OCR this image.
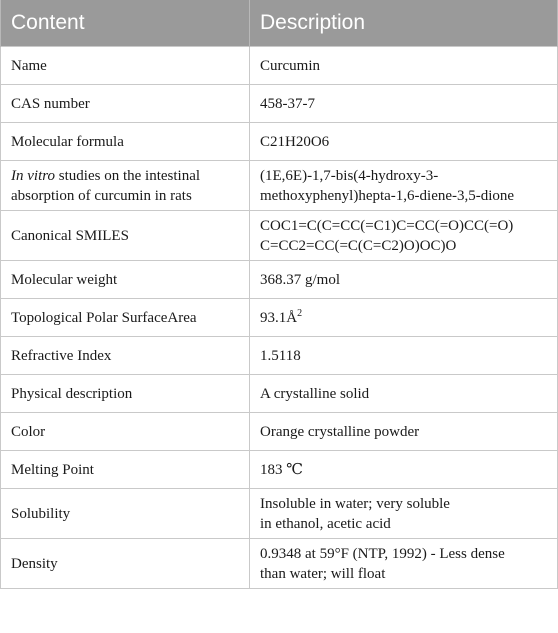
Content	Description
Name	Curcumin
CAS number	458-37-7
Molecular formula	C21H20O6

In vitro studies on the intestinal
absorption of curcumin in rats	(1E,6E)-1,7-bis(4-hydroxy-3-
methoxyphenyl)hepta-1,6-diene-3,5-dione

Canonical SMILES	COC1=C(C=CC(=C1)C=CC(=O)CC(=O)
C=CC2=CC(=C(C=C2)O)OC)O

Molecular weight	368.37 g/mol
Topological Polar SurfaceArea	$93.1Å^2$
Refractive Index	1.5118
Physical description	A crystalline solid
Color	Orange crystalline powder
Melting Point	183 ℃
Solubility	Insoluble in water; very soluble
in ethanol, acetic acid

Density	0.9348 at 59°F (NTP, 1992) - Less dense
than water; will float
